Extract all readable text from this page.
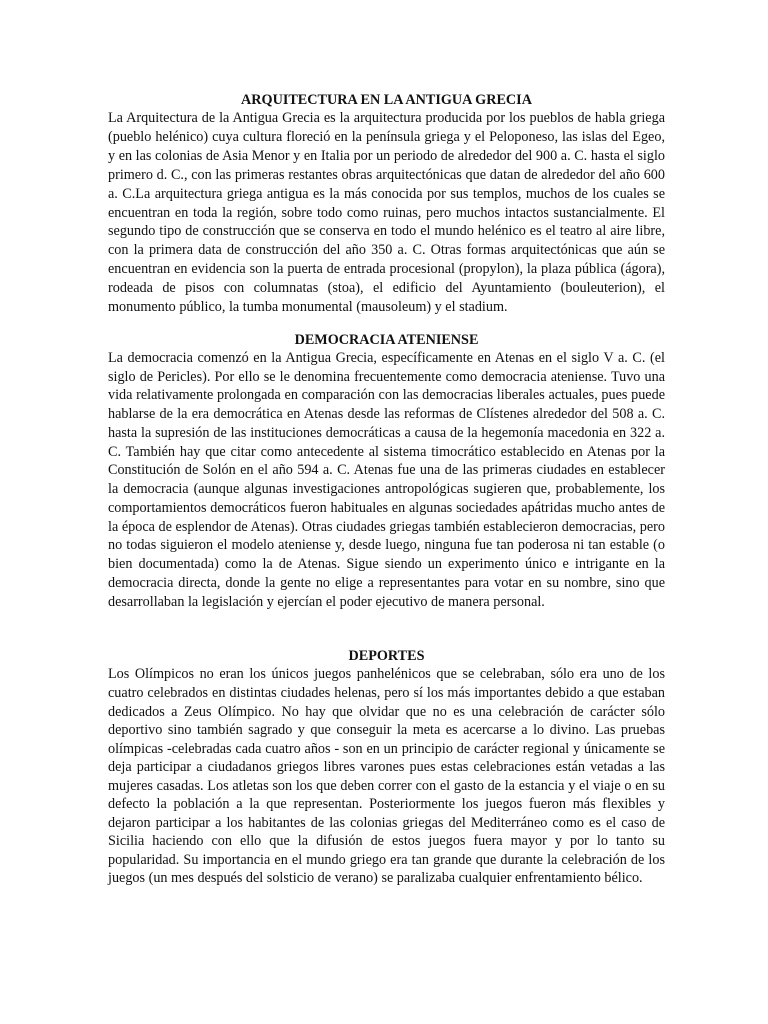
ARQUITECTURA EN LA ANTIGUA GRECIA

La Arquitectura de la Antigua Grecia es la arquitectura producida por los pueblos de habla griega (pueblo helénico) cuya cultura floreció en la península griega y el Peloponeso, las islas del Egeo, y en las colonias de Asia Menor y en Italia por un periodo de alrededor del 900 a. C. hasta el siglo primero d. C., con las primeras restantes obras arquitectónicas que datan de alrededor del año 600 a. C.La arquitectura griega antigua es la más conocida por sus templos, muchos de los cuales se encuentran en toda la región, sobre todo como ruinas, pero muchos intactos sustancialmente. El segundo tipo de construcción que se conserva en todo el mundo helénico es el teatro al aire libre, con la primera data de construcción del año 350 a. C. Otras formas arquitectónicas que aún se encuentran en evidencia son la puerta de entrada procesional (propylon), la plaza pública (ágora), rodeada de pisos con columnatas (stoa), el edificio del Ayuntamiento (bouleuterion), el monumento público, la tumba monumental (mausoleum) y el stadium.

DEMOCRACIA ATENIENSE

La democracia comenzó en la Antigua Grecia, específicamente en Atenas en el siglo V a. C. (el siglo de Pericles). Por ello se le denomina frecuentemente como democracia ateniense. Tuvo una vida relativamente prolongada en comparación con las democracias liberales actuales, pues puede hablarse de la era democrática en Atenas desde las reformas de Clístenes alrededor del 508 a. C. hasta la supresión de las instituciones democráticas a causa de la hegemonía macedonia en 322 a. C. También hay que citar como antecedente al sistema timocrático establecido en Atenas por la Constitución de Solón en el año 594 a. C. Atenas fue una de las primeras ciudades en establecer la democracia (aunque algunas investigaciones antropológicas sugieren que, probablemente, los comportamientos democráticos fueron habituales en algunas sociedades apátridas mucho antes de la época de esplendor de Atenas). Otras ciudades griegas también establecieron democracias, pero no todas siguieron el modelo ateniense y, desde luego, ninguna fue tan poderosa ni tan estable (o bien documentada) como la de Atenas. Sigue siendo un experimento único e intrigante en la democracia directa, donde la gente no elige a representantes para votar en su nombre, sino que desarrollaban la legislación y ejercían el poder ejecutivo de manera personal.

DEPORTES

Los Olímpicos no eran los únicos juegos panhelénicos que se celebraban, sólo era uno de los cuatro celebrados en distintas ciudades helenas, pero sí los más importantes debido a que estaban dedicados a Zeus Olímpico. No hay que olvidar que no es una celebración de carácter sólo deportivo sino también sagrado y que conseguir la meta es acercarse a lo divino. Las pruebas olímpicas -celebradas cada cuatro años - son en un principio de carácter regional y únicamente se deja participar a ciudadanos griegos libres varones pues estas celebraciones están vetadas a las mujeres casadas. Los atletas son los que deben correr con el gasto de la estancia y el viaje o en su defecto la población a la que representan. Posteriormente los juegos fueron más flexibles y dejaron participar a los habitantes de las colonias griegas del Mediterráneo como es el caso de Sicilia haciendo con ello que la difusión de estos juegos fuera mayor y por lo tanto su popularidad. Su importancia en el mundo griego era tan grande que durante la celebración de los juegos (un mes después del solsticio de verano) se paralizaba cualquier enfrentamiento bélico.
